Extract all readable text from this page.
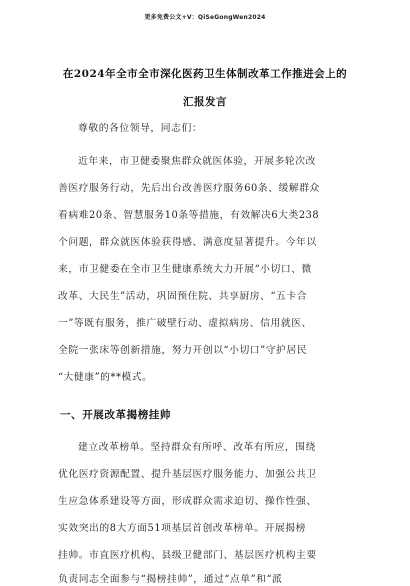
更多免费公文+V：QiSeGongWen2024
在2024年全市全市深化医药卫生体制改革工作推进会上的
汇报发言
尊敬的各位领导，同志们：
近年来，市卫健委聚焦群众就医体验，开展多轮次改
善医疗服务行动，先后出台改善医疗服务60条、缓解群众
看病难20条、智慧服务10条等措施，有效解决6大类238
个问题，群众就医体验获得感、满意度显著提升。今年以
来，市卫健委在全市卫生健康系统大力开展“小切口、微
改革、大民生”活动，巩固预住院、共享厨房、“五卡合
一”等既有服务，推广破壁行动、虚拟病房、信用就医、
全院一张床等创新措施，努力开创以“小切口”守护居民
“大健康”的**模式。
一、开展改革揭榜挂帅
建立改革榜单。坚持群众有所呼、改革有所应，围绕
优化医疗资源配置、提升基层医疗服务能力、加强公共卫
生应急体系建设等方面，形成群众需求迫切、操作性强、
实效突出的8大方面51项基层首创改革榜单。开展揭榜
挂帅。市直医疗机构、县级卫健部门、基层医疗机构主要
负责同志全面参与“揭榜挂帅”，通过“点单”和“派
